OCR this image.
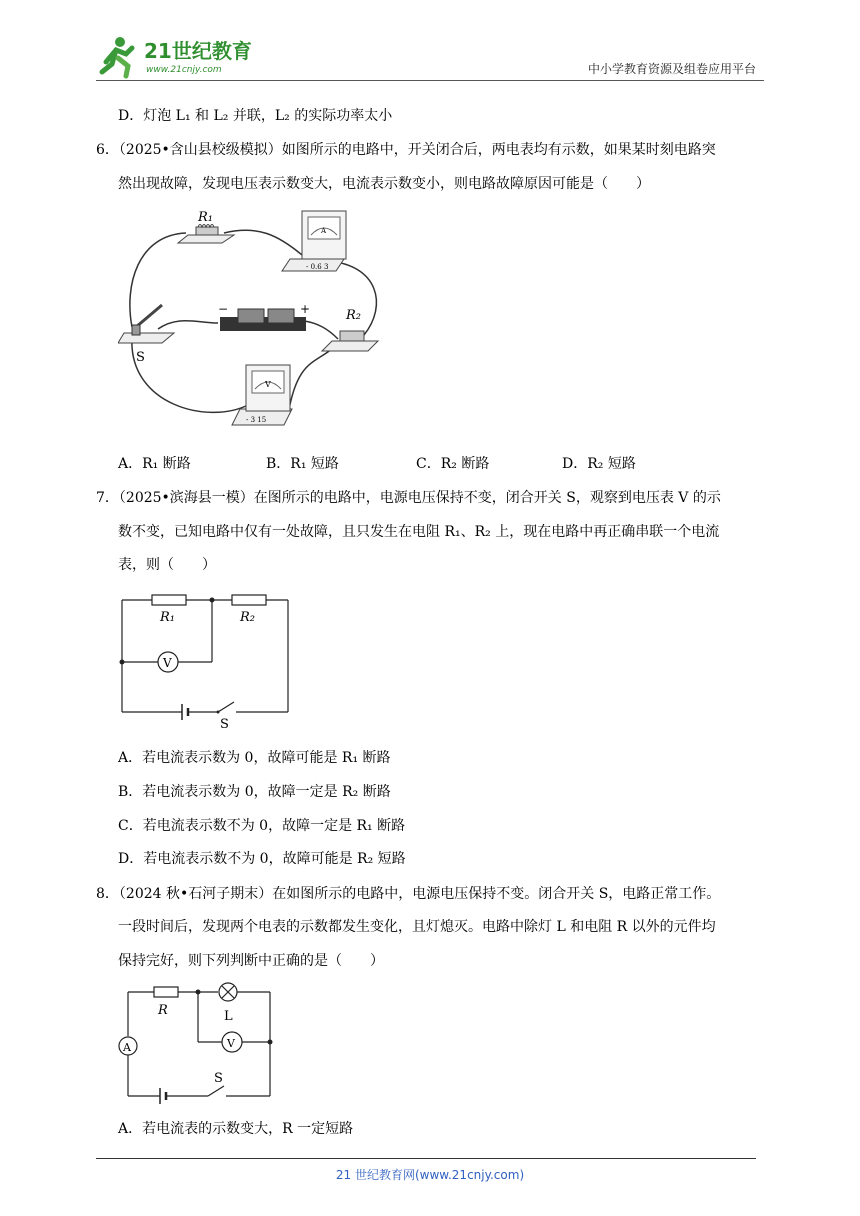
21世纪教育
www.21cnjy.com	中小学教育资源及组卷应用平台
D．灯泡 L₁ 和 L₂ 并联，L₂ 的实际功率太小
6．（2025•含山县校级模拟）如图所示的电路中，开关闭合后，两电表均有示数，如果某时刻电路突
然出现故障，发现电压表示数变大，电流表示数变小，则电路故障原因可能是（　　）
R₁
A
- 0.6 3
−	+	R₂
S
V
- 3 15
A．R₁ 断路	B．R₁ 短路	C．R₂ 断路	D．R₂ 短路
7．（2025•滨海县一模）在图所示的电路中，电源电压保持不变，闭合开关 S，观察到电压表 V 的示
数不变，已知电路中仅有一处故障，且只发生在电阻 R₁、R₂ 上，现在电路中再正确串联一个电流
表，则（　　）
R₁	R₂
V
S
A．若电流表示数为 0，故障可能是 R₁ 断路
B．若电流表示数为 0，故障一定是 R₂ 断路
C．若电流表示数不为 0，故障一定是 R₁ 断路
D．若电流表示数不为 0，故障可能是 R₂ 短路
8．（2024 秋•石河子期末）在如图所示的电路中，电源电压保持不变。闭合开关 S，电路正常工作。
一段时间后，发现两个电表的示数都发生变化，且灯熄灭。电路中除灯 L 和电阻 R 以外的元件均
保持完好，则下列判断中正确的是（　　）
R	L
A	V
S
A．若电流表的示数变大，R 一定短路
21 世纪教育网(www.21cnjy.com)
